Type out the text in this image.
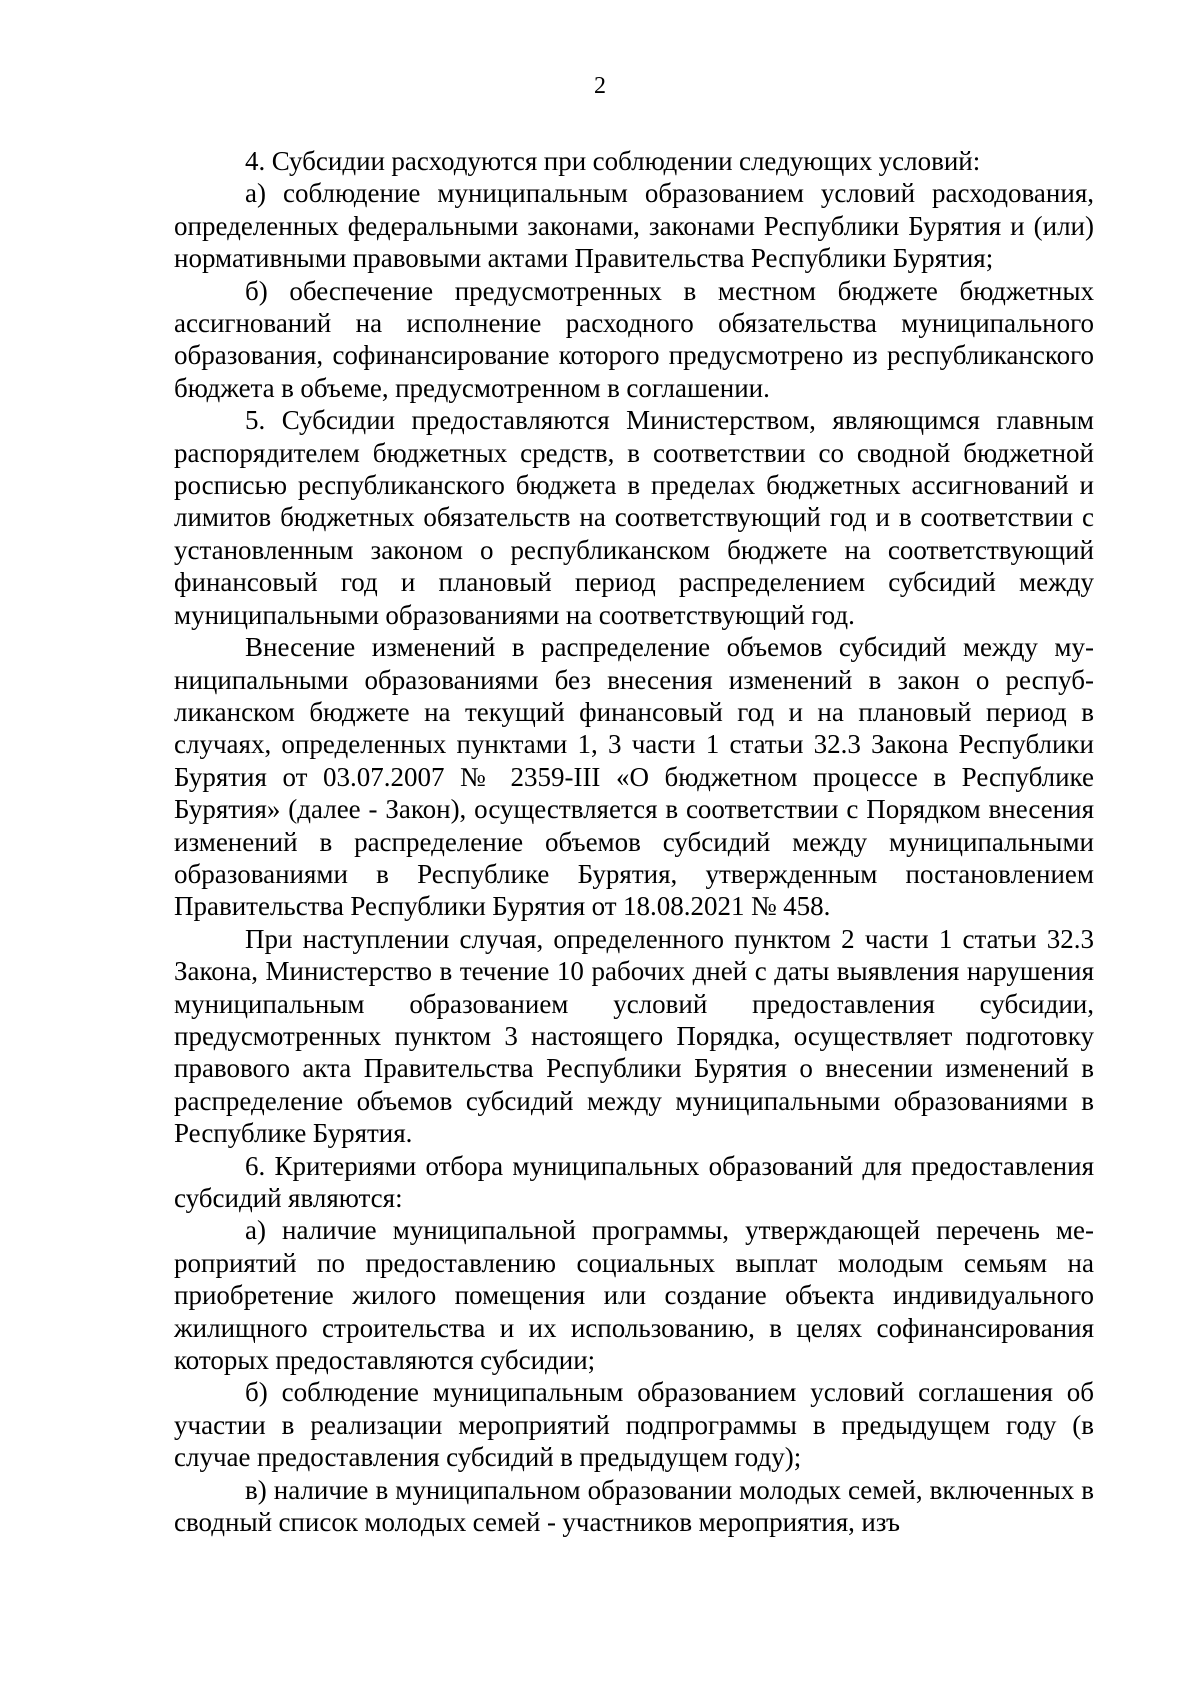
2

4. Субсидии расходуются при соблюдении следующих условий:

а) соблюдение муниципальным образованием условий расходования, определенных федеральными законами, законами Республики Бурятия и (или) нормативными правовыми актами Правительства Республики Бурятия;

б) обеспечение предусмотренных в местном бюджете бюджетных ассигнований на исполнение расходного обязательства муниципального образования, софинансирование которого предусмотрено из республиканского бюджета в объеме, предусмотренном в соглашении.

5. Субсидии предоставляются Министерством, являющимся главным распорядителем бюджетных средств, в соответствии со сводной бюджетной росписью республиканского бюджета в пределах бюджетных ассигнований и лимитов бюджетных обязательств на соответствующий год и в соответствии с установленным законом о республиканском бюджете на соответствующий финансовый год и плановый период распределением субсидий между муниципальными образованиями на соответствующий год.

Внесение изменений в распределение объемов субсидий между муниципальными образованиями без внесения изменений в закон о республиканском бюджете на текущий финансовый год и на плановый период в случаях, определенных пунктами 1, 3 части 1 статьи 32.3 Закона Республики Бурятия от 03.07.2007 № 2359-III «О бюджетном процессе в Республике Бурятия» (далее - Закон), осуществляется в соответствии с Порядком внесения изменений в распределение объемов субсидий между муниципальными образованиями в Республике Бурятия, утвержденным постановлением Правительства Республики Бурятия от 18.08.2021 № 458.

При наступлении случая, определенного пунктом 2 части 1 статьи 32.3 Закона, Министерство в течение 10 рабочих дней с даты выявления нарушения муниципальным образованием условий предоставления субсидии, предусмотренных пунктом 3 настоящего Порядка, осуществляет подготовку правового акта Правительства Республики Бурятия о внесении изменений в распределение объемов субсидий между муниципальными образованиями в Республике Бурятия.

6. Критериями отбора муниципальных образований для предоставления субсидий являются:

а) наличие муниципальной программы, утверждающей перечень мероприятий по предоставлению социальных выплат молодым семьям на приобретение жилого помещения или создание объекта индивидуального жилищного строительства и их использованию, в целях софинансирования которых предоставляются субсидии;

б) соблюдение муниципальным образованием условий соглашения об участии в реализации мероприятий подпрограммы в предыдущем году (в случае предоставления субсидий в предыдущем году);

в) наличие в муниципальном образовании молодых семей, включенных в сводный список молодых семей - участников мероприятия, изъ
